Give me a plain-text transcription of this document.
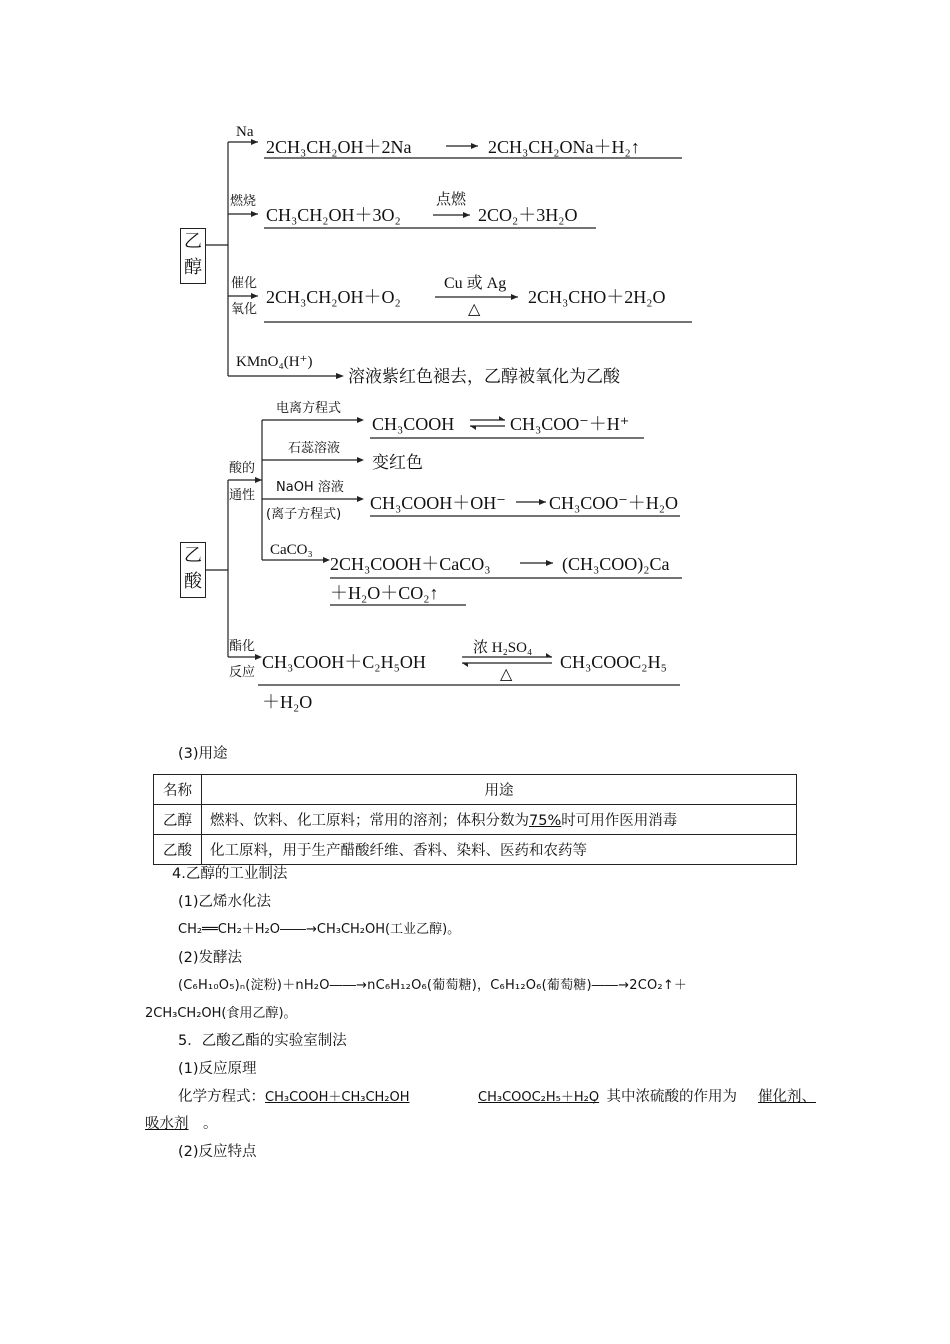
乙
醇
Na
2CH₃CH₂OH＋2Na	2CH₃CH₂ONa＋H₂↑
燃烧
CH₃CH₂OH＋3O₂
点燃
2CO₂＋3H₂O
催化
氧化
2CH₃CH₂OH＋O₂
Cu 或 Ag
△
2CH₃CHO＋2H₂O
KMnO₄(H⁺)
溶液紫红色褪去，乙醇被氧化为乙酸
乙
酸
酸的
通性
电离方程式
CH₃COOH	CH₃COO⁻＋H⁺
石蕊溶液
变红色
NaOH 溶液
(离子方程式)
CH₃COOH＋OH⁻ CH₃COO⁻＋H₂O
CaCO₃
2CH₃COOH＋CaCO₃	(CH₃COO)₂Ca
＋H₂O＋CO₂↑
酯化
反应
CH₃COOH＋C₂H₅OH
浓 H₂SO₄
△
CH₃COOC₂H₅
＋H₂O
(3)用途
名称	用途
乙醇	燃料、饮料、化工原料；常用的溶剂；体积分数为75%时可用作医用消毒
乙酸	化工原料，用于生产醋酸纤维、香料、染料、医药和农药等
4.乙醇的工业制法
(1)乙烯水化法
CH₂══CH₂＋H₂O――→CH₃CH₂OH(工业乙醇)。
(2)发酵法
(C₆H₁₀O₅)ₙ(淀粉)＋nH₂O――→nC₆H₁₂O₆(葡萄糖)，C₆H₁₂O₆(葡萄糖)――→2CO₂↑＋
2CH₃CH₂OH(食用乙醇)。
5．乙酸乙酯的实验室制法
(1)反应原理
化学方程式： CH₃COOH＋CH₃CH₂OH	CH₃COOC₂H₅＋H₂O
，其中浓硫酸的作用为 催化剂、
吸水剂 。
(2)反应特点
